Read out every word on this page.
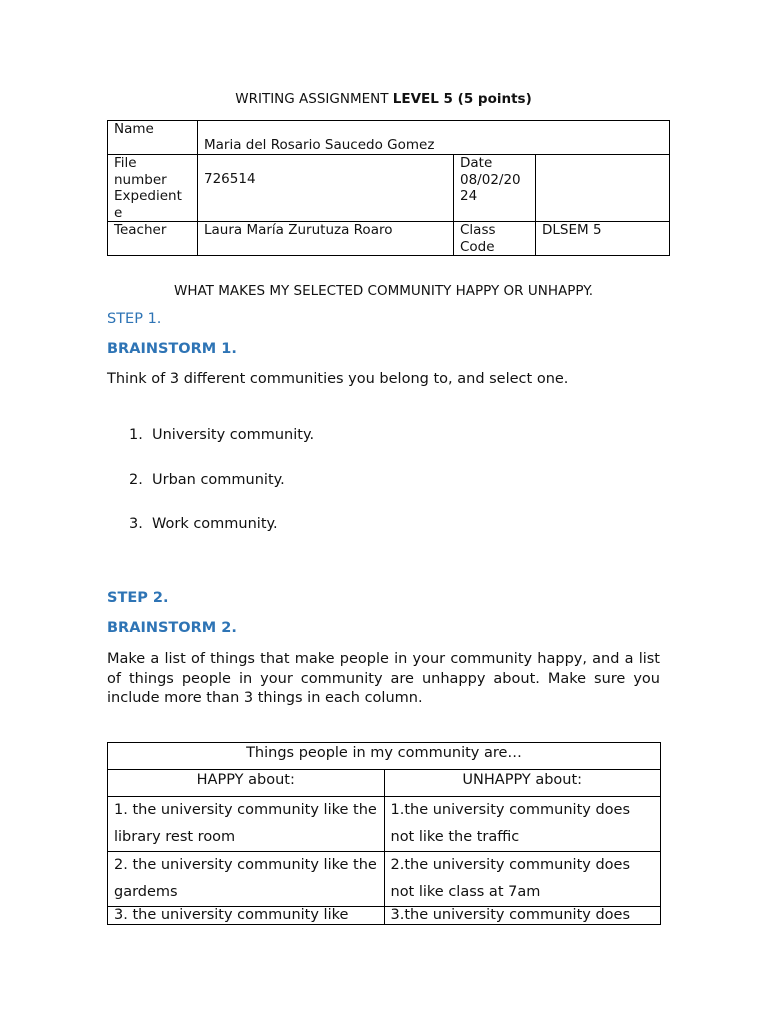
WRITING ASSIGNMENT LEVEL 5 (5 points)
Name	Maria del Rosario Saucedo Gomez		

File number Expedient e	726514	Date 08/02/20 24	
Teacher	Laura María Zurutuza Roaro	Class Code	DLSEM 5
WHAT MAKES MY SELECTED COMMUNITY HAPPY OR UNHAPPY.
STEP 1.
BRAINSTORM 1.
Think of 3 different communities you belong to, and select one.
1. University community.
2. Urban community.
3. Work community.
STEP 2.
BRAINSTORM 2.
Make a list of things that make people in your community happy, and a list of things people in your community are unhappy about. Make sure you include more than 3 things in each column.
Things people in my community are…	
HAPPY about:	UNHAPPY about:
1. the university community like the library rest room	1.the university community does not like the traffic
2. the university community like the gardems	2.the university community does not like class at 7am
3. the university community like	3.the university community does
